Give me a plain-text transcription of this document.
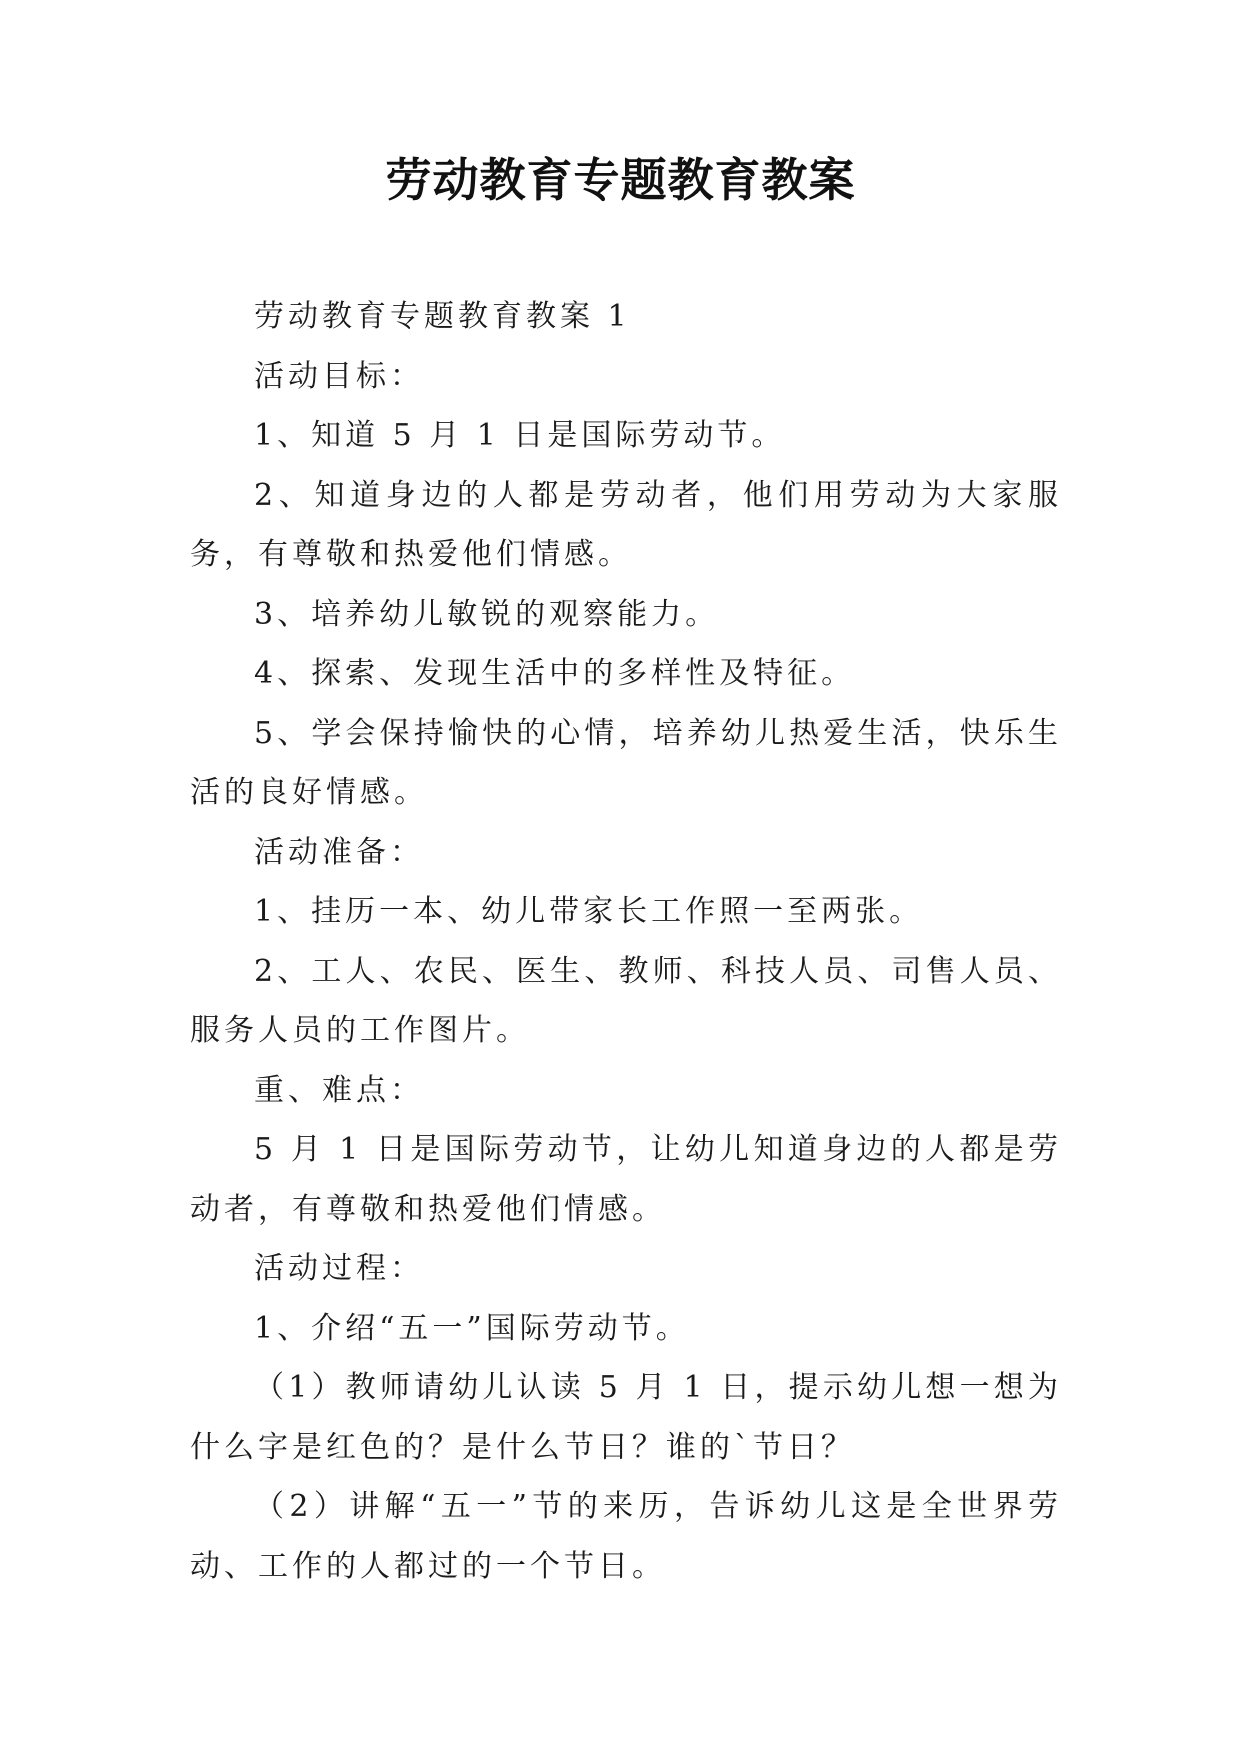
劳动教育专题教育教案

劳动教育专题教育教案 1

活动目标：

1、知道 5 月 1 日是国际劳动节。

2、知道身边的人都是劳动者，他们用劳动为大家服务，有尊敬和热爱他们情感。

3、培养幼儿敏锐的观察能力。

4、探索、发现生活中的多样性及特征。

5、学会保持愉快的心情，培养幼儿热爱生活，快乐生活的良好情感。

活动准备：

1、挂历一本、幼儿带家长工作照一至两张。

2、工人、农民、医生、教师、科技人员、司售人员、服务人员的工作图片。

重、难点：

5 月 1 日是国际劳动节，让幼儿知道身边的人都是劳动者，有尊敬和热爱他们情感。

活动过程：

1、介绍“五一”国际劳动节。

（1）教师请幼儿认读 5 月 1 日，提示幼儿想一想为什么字是红色的？是什么节日？谁的`节日？

（2）讲解“五一”节的来历，告诉幼儿这是全世界劳动、工作的人都过的一个节日。
